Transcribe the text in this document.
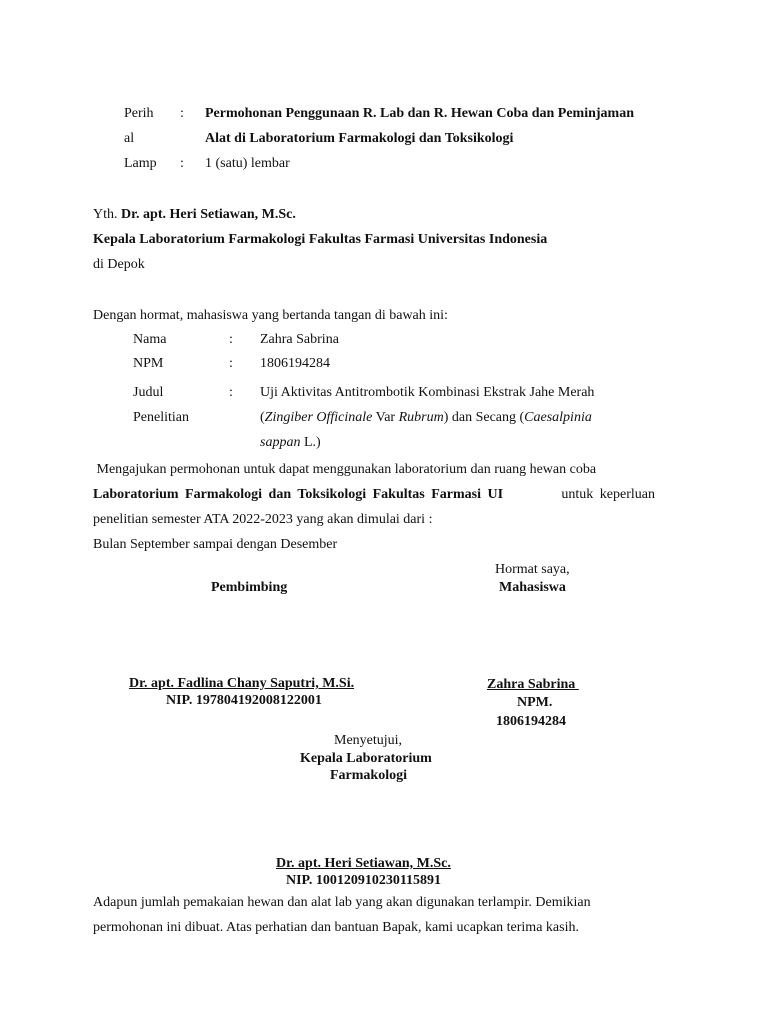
Perih : Permohonan Penggunaan R. Lab dan R. Hewan Coba dan Peminjaman
al	Alat di Laboratorium Farmakologi dan Toksikologi
Lamp : 1 (satu) lembar
Yth. Dr. apt. Heri Setiawan, M.Sc.
Kepala Laboratorium Farmakologi Fakultas Farmasi Universitas Indonesia
di Depok
Dengan hormat, mahasiswa yang bertanda tangan di bawah ini:
Nama	: Zahra Sabrina
NPM	: 1806194284
Judul	: Uji Aktivitas Antitrombotik Kombinasi Ekstrak Jahe Merah
Penelitian	(Zingiber Officinale Var Rubrum) dan Secang (Caesalpinia
sappan L.)
Mengajukan permohonan untuk dapat menggunakan laboratorium dan ruang hewan coba
Laboratorium Farmakologi dan Toksikologi Fakultas Farmasi UI	untuk keperluan
penelitian semester ATA 2022-2023 yang akan dimulai dari :
Bulan September sampai dengan Desember
Hormat saya,
Mahasiswa
Pembimbing
Dr. apt. Fadlina Chany Saputri, M.Si.
NIP. 197804192008122001
Zahra Sabrina
NPM.
1806194284
Menyetujui,
Kepala Laboratorium
Farmakologi
Dr. apt. Heri Setiawan, M.Sc.
NIP. 100120910230115891
Adapun jumlah pemakaian hewan dan alat lab yang akan digunakan terlampir. Demikian
permohonan ini dibuat. Atas perhatian dan bantuan Bapak, kami ucapkan terima kasih.
